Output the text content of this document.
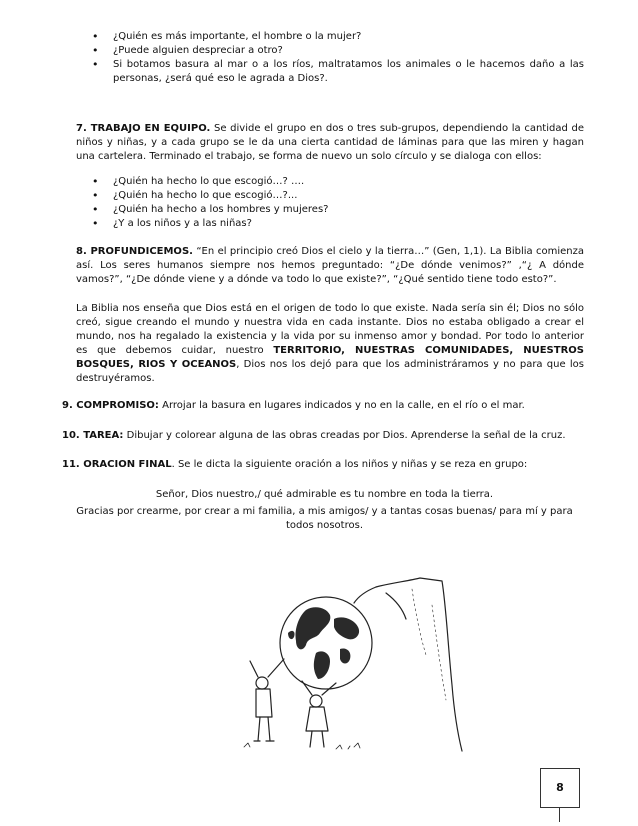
• ¿Quién es más importante, el hombre o la mujer?
• ¿Puede alguien despreciar a otro?
• Si botamos basura al mar o a los ríos, maltratamos los animales o le hacemos daño a las personas, ¿será qué eso le agrada a Dios?.

7. TRABAJO EN EQUIPO. Se divide el grupo en dos o tres sub-grupos, dependiendo la cantidad de niños y niñas, y a cada grupo se le da una cierta cantidad de láminas para que las miren y hagan una cartelera. Terminado el trabajo, se forma de nuevo un solo círculo y se dialoga con ellos:

• ¿Quién ha hecho lo que escogió…? ….
• ¿Quién ha hecho lo que escogió…?...
• ¿Quién ha hecho a los hombres y mujeres?
• ¿Y a los niños y a las niñas?

8. PROFUNDICEMOS. “En el principio creó Dios el cielo y la tierra…” (Gen, 1,1). La Biblia comienza así. Los seres humanos siempre nos hemos preguntado: “¿De dónde venimos?” ,“¿ A dónde vamos?”, “¿De dónde viene y a dónde va todo lo que existe?”, “¿Qué sentido tiene todo esto?”.

La Biblia nos enseña que Dios está en el origen de todo lo que existe. Nada sería sin él; Dios no sólo creó, sigue creando el mundo y nuestra vida en cada instante. Dios no estaba obligado a crear el mundo, nos ha regalado la existencia y la vida por su inmenso amor y bondad. Por todo lo anterior es que debemos cuidar, nuestro TERRITORIO, NUESTRAS COMUNIDADES, NUESTROS BOSQUES, RIOS Y OCEANOS, Dios nos los dejó para que los administráramos y no para que los destruyéramos.

9. COMPROMISO: Arrojar la basura en lugares indicados y no en la calle, en el río o el mar.

10. TAREA: Dibujar y colorear alguna de las obras creadas por Dios. Aprenderse la señal de la cruz.

11. ORACION FINAL. Se le dicta la siguiente oración a los niños y niñas y se reza en grupo:

Señor, Dios nuestro,/ qué admirable es tu nombre en toda la tierra.

Gracias por crearme, por crear a mi familia, a mis amigos/ y a tantas cosas buenas/ para mí y para todos nosotros.

8
